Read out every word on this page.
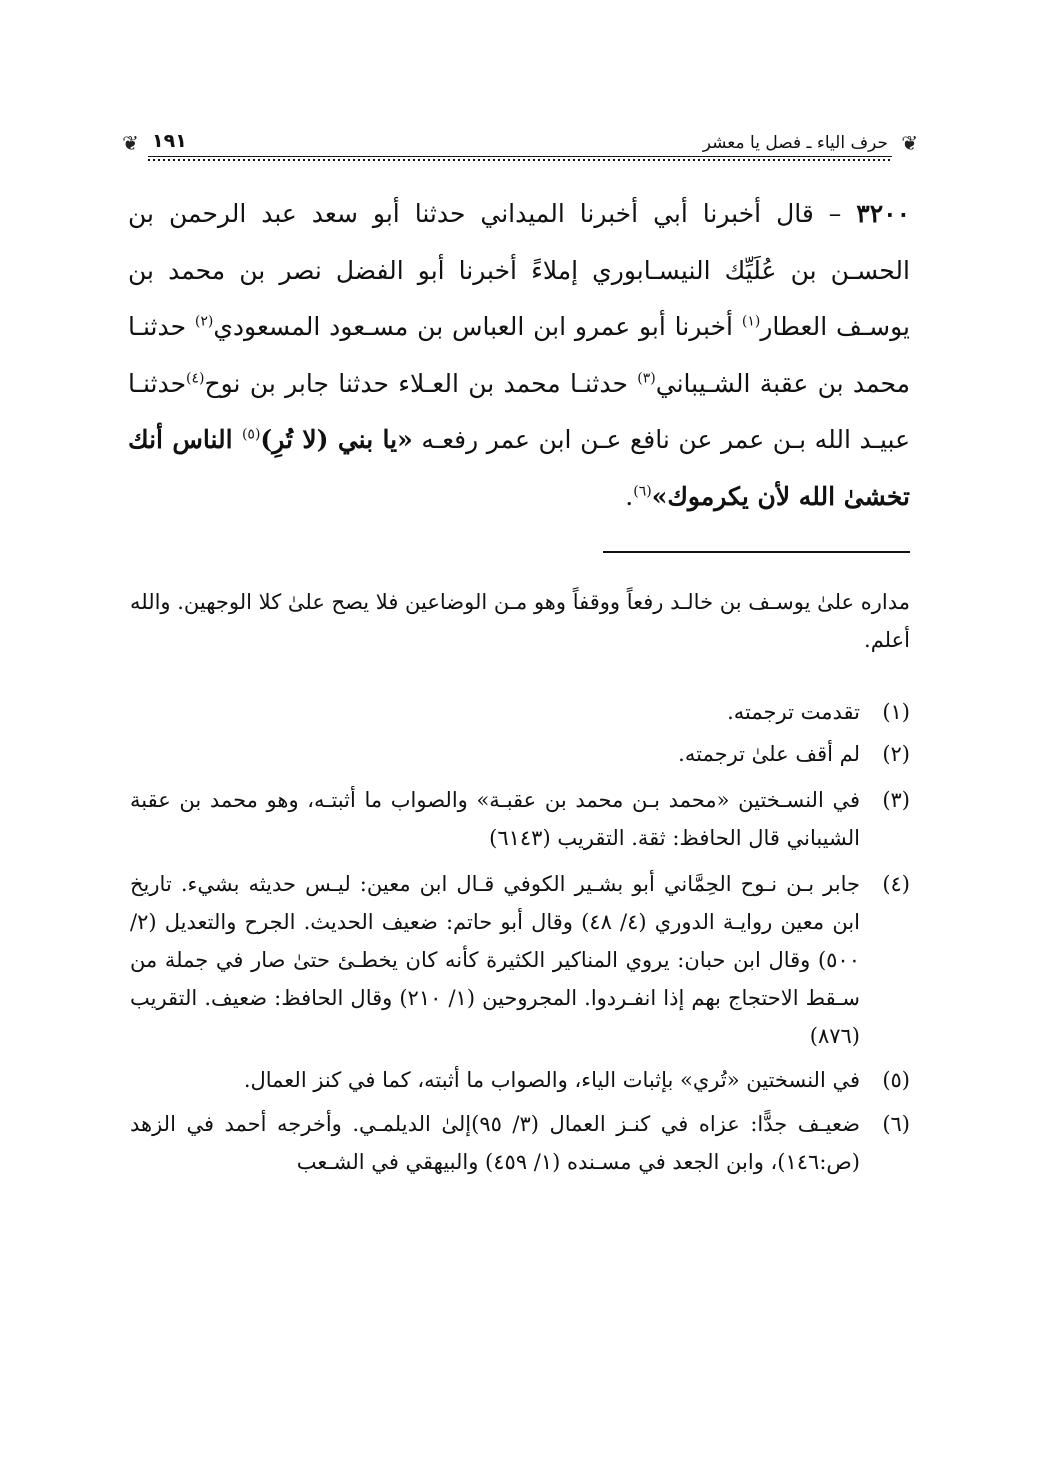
❦
حرف الياء ـ فصل يا معشر
١٩١
❦
٣٢٠٠ – قال أخبرنا أبي أخبرنا الميداني حدثنا أبو سعد عبد الرحمن بن الحسـن بن عُلَيِّك النيسـابوري إملاءً أخبرنا أبو الفضل نصر بن محمد بن يوسـف العطار$^{(١)}$ أخبرنا أبو عمرو ابن العباس بن مسـعود المسعودي$^{(٢)}$ حدثنـا محمد بن عقبة الشـيباني$^{(٣)}$ حدثنـا محمد بن العـلاء حدثنا جابر بن نوح$^{(٤)}$حدثنـا عبيـد الله بـن عمر عن نافع عـن ابن عمر رفعـه «يا بني (لا تُرِ)$^{(٥)}$ الناس أنك تخشىٰ الله لأن يكرموك»$^{(٦)}$.
مداره علىٰ يوسـف بن خالـد رفعاً ووقفاً وهو مـن الوضاعين فلا يصح علىٰ كلا الوجهين. والله أعلم.
(١)
تقدمت ترجمته.
(٢)
لم أقف علىٰ ترجمته.
(٣)
في النسـختين «محمد بـن محمد بن عقبـة» والصواب ما أثبتـه، وهو محمد بن عقبة الشيباني قال الحافظ: ثقة. التقريب (٦١٤٣)
(٤)
جابر بـن نـوح الحِمَّاني أبو بشـير الكوفي قـال ابن معين: ليـس حديثه بشيء. تاريخ ابن معين روايـة الدوري (٤/ ٤٨) وقال أبو حاتم: ضعيف الحديث. الجرح والتعديل (٢/ ٥٠٠) وقال ابن حبان: يروي المناكير الكثيرة كأنه كان يخطـئ حتىٰ صار في جملة من سـقط الاحتجاج بهم إذا انفـردوا. المجروحين (١/ ٢١٠) وقال الحافظ: ضعيف. التقريب (٨٧٦)
(٥)
في النسختين «تُري» بإثبات الياء، والصواب ما أثبته، كما في كنز العمال.
(٦)
ضعيـف جدًّا: عزاه في كنـز العمال (٣/ ٩٥)إلىٰ الديلمـي. وأخرجه أحمد في الزهد (ص:١٤٦)، وابن الجعد في مسـنده (١/ ٤٥٩) والبيهقي في الشـعب
